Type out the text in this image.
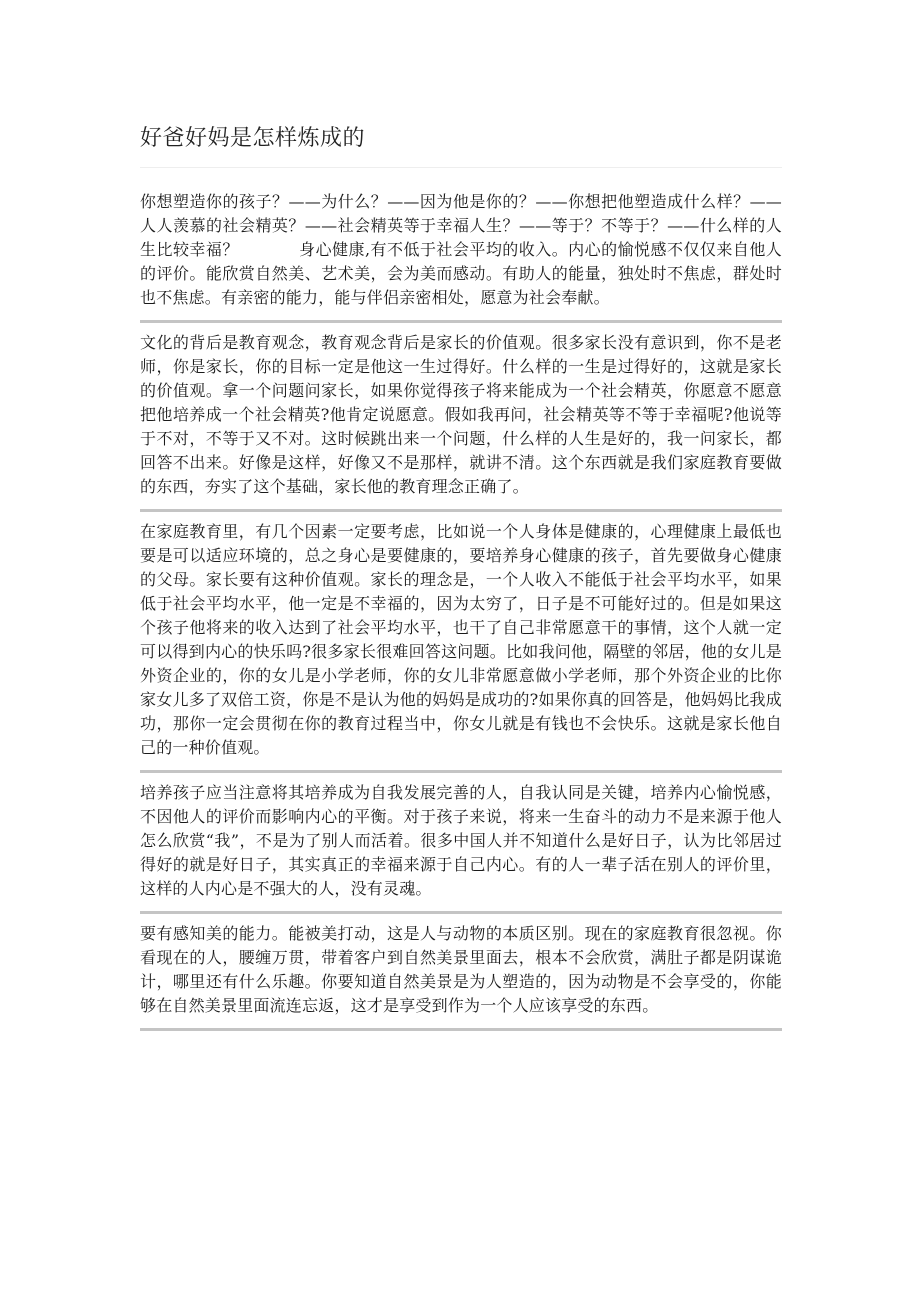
好爸好妈是怎样炼成的

你想塑造你的孩子？——为什么？——因为他是你的？——你想把他塑造成什么样？——人人羡慕的社会精英？——社会精英等于幸福人生？——等于？不等于？——什么样的人生比较幸福？	身心健康,有不低于社会平均的收入。内心的愉悦感不仅仅来自他人的评价。能欣赏自然美、艺术美，会为美而感动。有助人的能量，独处时不焦虑，群处时也不焦虑。有亲密的能力，能与伴侣亲密相处，愿意为社会奉献。

文化的背后是教育观念，教育观念背后是家长的价值观。很多家长没有意识到，你不是老师，你是家长，你的目标一定是他这一生过得好。什么样的一生是过得好的，这就是家长的价值观。拿一个问题问家长，如果你觉得孩子将来能成为一个社会精英，你愿意不愿意把他培养成一个社会精英?他肯定说愿意。假如我再问，社会精英等不等于幸福呢?他说等于不对，不等于又不对。这时候跳出来一个问题，什么样的人生是好的，我一问家长，都回答不出来。好像是这样，好像又不是那样，就讲不清。这个东西就是我们家庭教育要做的东西，夯实了这个基础，家长他的教育理念正确了。

在家庭教育里，有几个因素一定要考虑，比如说一个人身体是健康的，心理健康上最低也要是可以适应环境的，总之身心是要健康的，要培养身心健康的孩子，首先要做身心健康的父母。家长要有这种价值观。家长的理念是，一个人收入不能低于社会平均水平，如果低于社会平均水平，他一定是不幸福的，因为太穷了，日子是不可能好过的。但是如果这个孩子他将来的收入达到了社会平均水平，也干了自己非常愿意干的事情，这个人就一定可以得到内心的快乐吗?很多家长很难回答这问题。比如我问他，隔壁的邻居，他的女儿是外资企业的，你的女儿是小学老师，你的女儿非常愿意做小学老师，那个外资企业的比你家女儿多了双倍工资，你是不是认为他的妈妈是成功的?如果你真的回答是，他妈妈比我成功，那你一定会贯彻在你的教育过程当中，你女儿就是有钱也不会快乐。这就是家长他自己的一种价值观。

培养孩子应当注意将其培养成为自我发展完善的人，自我认同是关键，培养内心愉悦感，不因他人的评价而影响内心的平衡。对于孩子来说，将来一生奋斗的动力不是来源于他人怎么欣赏“我”，不是为了别人而活着。很多中国人并不知道什么是好日子，认为比邻居过得好的就是好日子，其实真正的幸福来源于自己内心。有的人一辈子活在别人的评价里，这样的人内心是不强大的人，没有灵魂。

要有感知美的能力。能被美打动，这是人与动物的本质区别。现在的家庭教育很忽视。你看现在的人，腰缠万贯，带着客户到自然美景里面去，根本不会欣赏，满肚子都是阴谋诡计，哪里还有什么乐趣。你要知道自然美景是为人塑造的，因为动物是不会享受的，你能够在自然美景里面流连忘返，这才是享受到作为一个人应该享受的东西。
